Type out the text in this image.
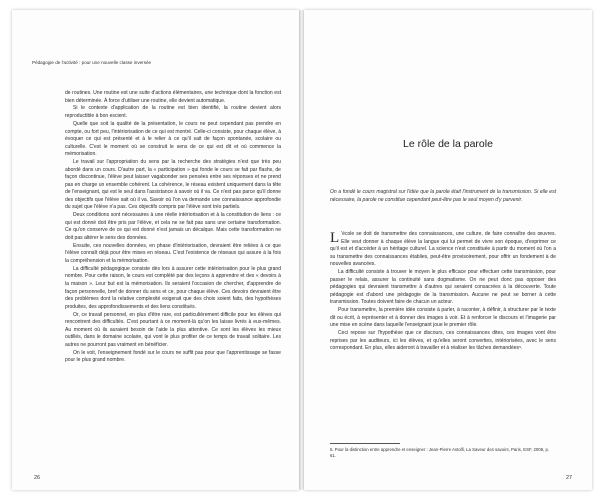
Pédagogie de l'activité : pour une nouvelle classe inversée

de routines. Une routine est une suite d'actions élémentaires, une technique dont la fonction est bien déterminée. À force d'utiliser une routine, elle devient automatique.

Si le contexte d'application de la routine est bien identifié, la routine devient alors reproductible à bon escient.

Quelle que soit la qualité de la présentation, le cours ne peut cependant pas prendre en compte, ou fort peu, l'intériorisation de ce qui est montré. Celle-ci consiste, pour chaque élève, à évoquer ce qui est présenté et à le relier à ce qu'il sait de façon spontanée, scolaire ou culturelle. C'est le moment où se construit le sens de ce qui est dit et où commence la mémorisation.

Le travail sur l'appropriation du sens par la recherche des stratégies n'est que très peu abordé dans un cours. D'autre part, la « participation » qui fonde le cours se fait par flashs, de façon discontinue, l'élève peut laisser vagabonder ses pensées entre ses réponses et ne prend pas en charge un ensemble cohérent. La cohérence, le réseau existent uniquement dans la tête de l'enseignant, qui est le seul dans l'assistance à savoir où il va. Ce n'est pas parce qu'il donne des objectifs que l'élève sait où il va. Savoir où l'on va demande une connaissance approfondie du sujet que l'élève n'a pas. Ces objectifs compris par l'élève sont très partiels.

Deux conditions sont nécessaires à une réelle intériorisation et à la constitution de liens : ce qui est donné doit être pris par l'élève, et cela ne se fait pas sans une certaine transformation. Ce qu'on conserve de ce qui est donné n'est jamais un décalque. Mais cette transformation ne doit pas altérer le sens des données.

Ensuite, ces nouvelles données, en phase d'intériorisation, devraient être reliées à ce que l'élève connaît déjà pour être mises en réseau. C'est l'existence de réseaux qui assure à la fois la compréhension et la mémorisation.

La difficulté pédagogique consiste dès lors à assurer cette intériorisation pour le plus grand nombre. Pour cette raison, le cours est complété par des leçons à apprendre et des « devoirs à la maison ». Leur but est la mémorisation. Ils seraient l'occasion de chercher, d'apprendre de façon personnelle, bref de donner du sens et ce, pour chaque élève. Ces devoirs devraient être des problèmes dont la relative complexité exigerait que des choix soient faits, des hypothèses produites, des approfondissements et des liens constitués.

Or, ce travail personnel, en plus d'être rare, est particulièrement difficile pour les élèves qui rencontrent des difficultés. C'est pourtant à ce moment-là qu'on les laisse livrés à eux-mêmes. Au moment où ils auraient besoin de l'aide la plus attentive. Ce sont les élèves les mieux outillés, dans le domaine scolaire, qui vont le plus profiter de ce temps de travail solitaire. Les autres ne pourront pas vraiment en bénéficier.

On le voit, l'enseignement fondé sur le cours ne suffit pas pour que l'apprentissage se fasse pour le plus grand nombre.

26
Le rôle de la parole
On a fondé le cours magistral sur l'idée que la parole était l'instrument de la transmission. Si elle est nécessaire, la parole ne constitue cependant peut-être pas le seul moyen d'y parvenir.

L 'école se doit de transmettre des connaissances, une culture, de faire connaître des œuvres. Elle veut donner à chaque élève la langue qui lui permet de vivre son époque, d'exprimer ce qu'il est et d'accéder à un héritage culturel. La science n'est constituée à partir du moment où l'on a su transmettre des connaissances établies, peut-être provisoirement, pour offrir un fondement à de nouvelles avancées.

La difficulté consiste à trouver le moyen le plus efficace pour effectuer cette transmission, pour passer le relais, assurer la continuité sans dogmatisme. On ne peut donc pas opposer des pédagogies qui devraient transmettre à d'autres qui seraient consacrées à la découverte. Toute pédagogie est d'abord une pédagogie de la transmission. Aucune ne peut se borner à cette transmission. Toutes doivent faire de chacun un acteur.

Pour transmettre, la première idée consiste à parler, à raconter, à définir, à structurer par le texte dit ou écrit, à représenter et à donner des images à voir. Et à renforcer le discours et l'imagerie par une mise en scène dans laquelle l'enseignant joue le premier rôle.

Ceci repose sur l'hypothèse que ce discours, ces connaissances dites, ces images vont être reprises par les auditeurs, ici les élèves, et qu'elles seront converties, intériorisées, avec le sens correspondant. En plus, elles aideront à travailler et à réaliser les tâches demandées⁵.

5. Pour la distinction entre apprendre et enseigner : Jean-Pierre Astolfi, La Saveur des savoirs, Paris, ESF, 2008, p. 61.
27
